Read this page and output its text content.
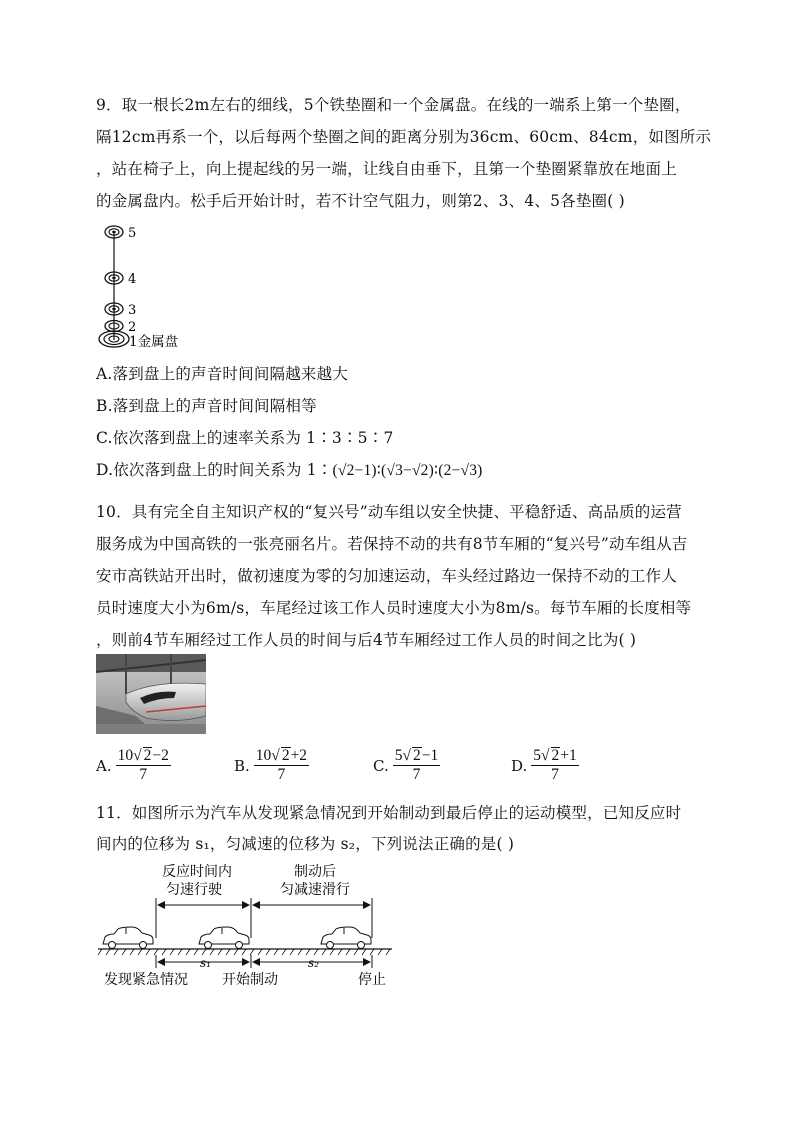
9．取一根长2m左右的细线，5个铁垫圈和一个金属盘。在线的一端系上第一个垫圈，
隔12cm再系一个，以后每两个垫圈之间的距离分别为36cm、60cm、84cm，如图所示
，站在椅子上，向上提起线的另一端，让线自由垂下，且第一个垫圈紧靠放在地面上
的金属盘内。松手后开始计时，若不计空气阻力，则第2、3、4、5各垫圈( )
5
4
3
2
1金属盘
A.落到盘上的声音时间间隔越来越大
B.落到盘上的声音时间间隔相等
C.依次落到盘上的速率关系为 1∶3∶5∶7
D.依次落到盘上的时间关系为 1∶(√2−1)∶(√3−√2)∶(2−√3)
10．具有完全自主知识产权的“复兴号”动车组以安全快捷、平稳舒适、高品质的运营
服务成为中国高铁的一张亮丽名片。若保持不动的共有8节车厢的“复兴号”动车组从吉
安市高铁站开出时，做初速度为零的匀加速运动，车头经过路边一保持不动的工作人
员时速度大小为6m/s，车尾经过该工作人员时速度大小为8m/s。每节车厢的长度相等
，则前4节车厢经过工作人员的时间与后4节车厢经过工作人员的时间之比为( )
A. $\frac{10√ 2-2}{7}$	B. $\frac{10√ 2+2}{7}$	C. $\frac{5√ 2-1}{7}$	D. $\frac{5√ 2+1}{7}$
11．如图所示为汽车从发现紧急情况到开始制动到最后停止的运动模型，已知反应时
间内的位移为 s₁，匀减速的位移为 s₂，下列说法正确的是( )
反应时间内
匀速行驶
制动后
匀减速滑行
s₁	s₂
发现紧急情况 开始制动	停止
